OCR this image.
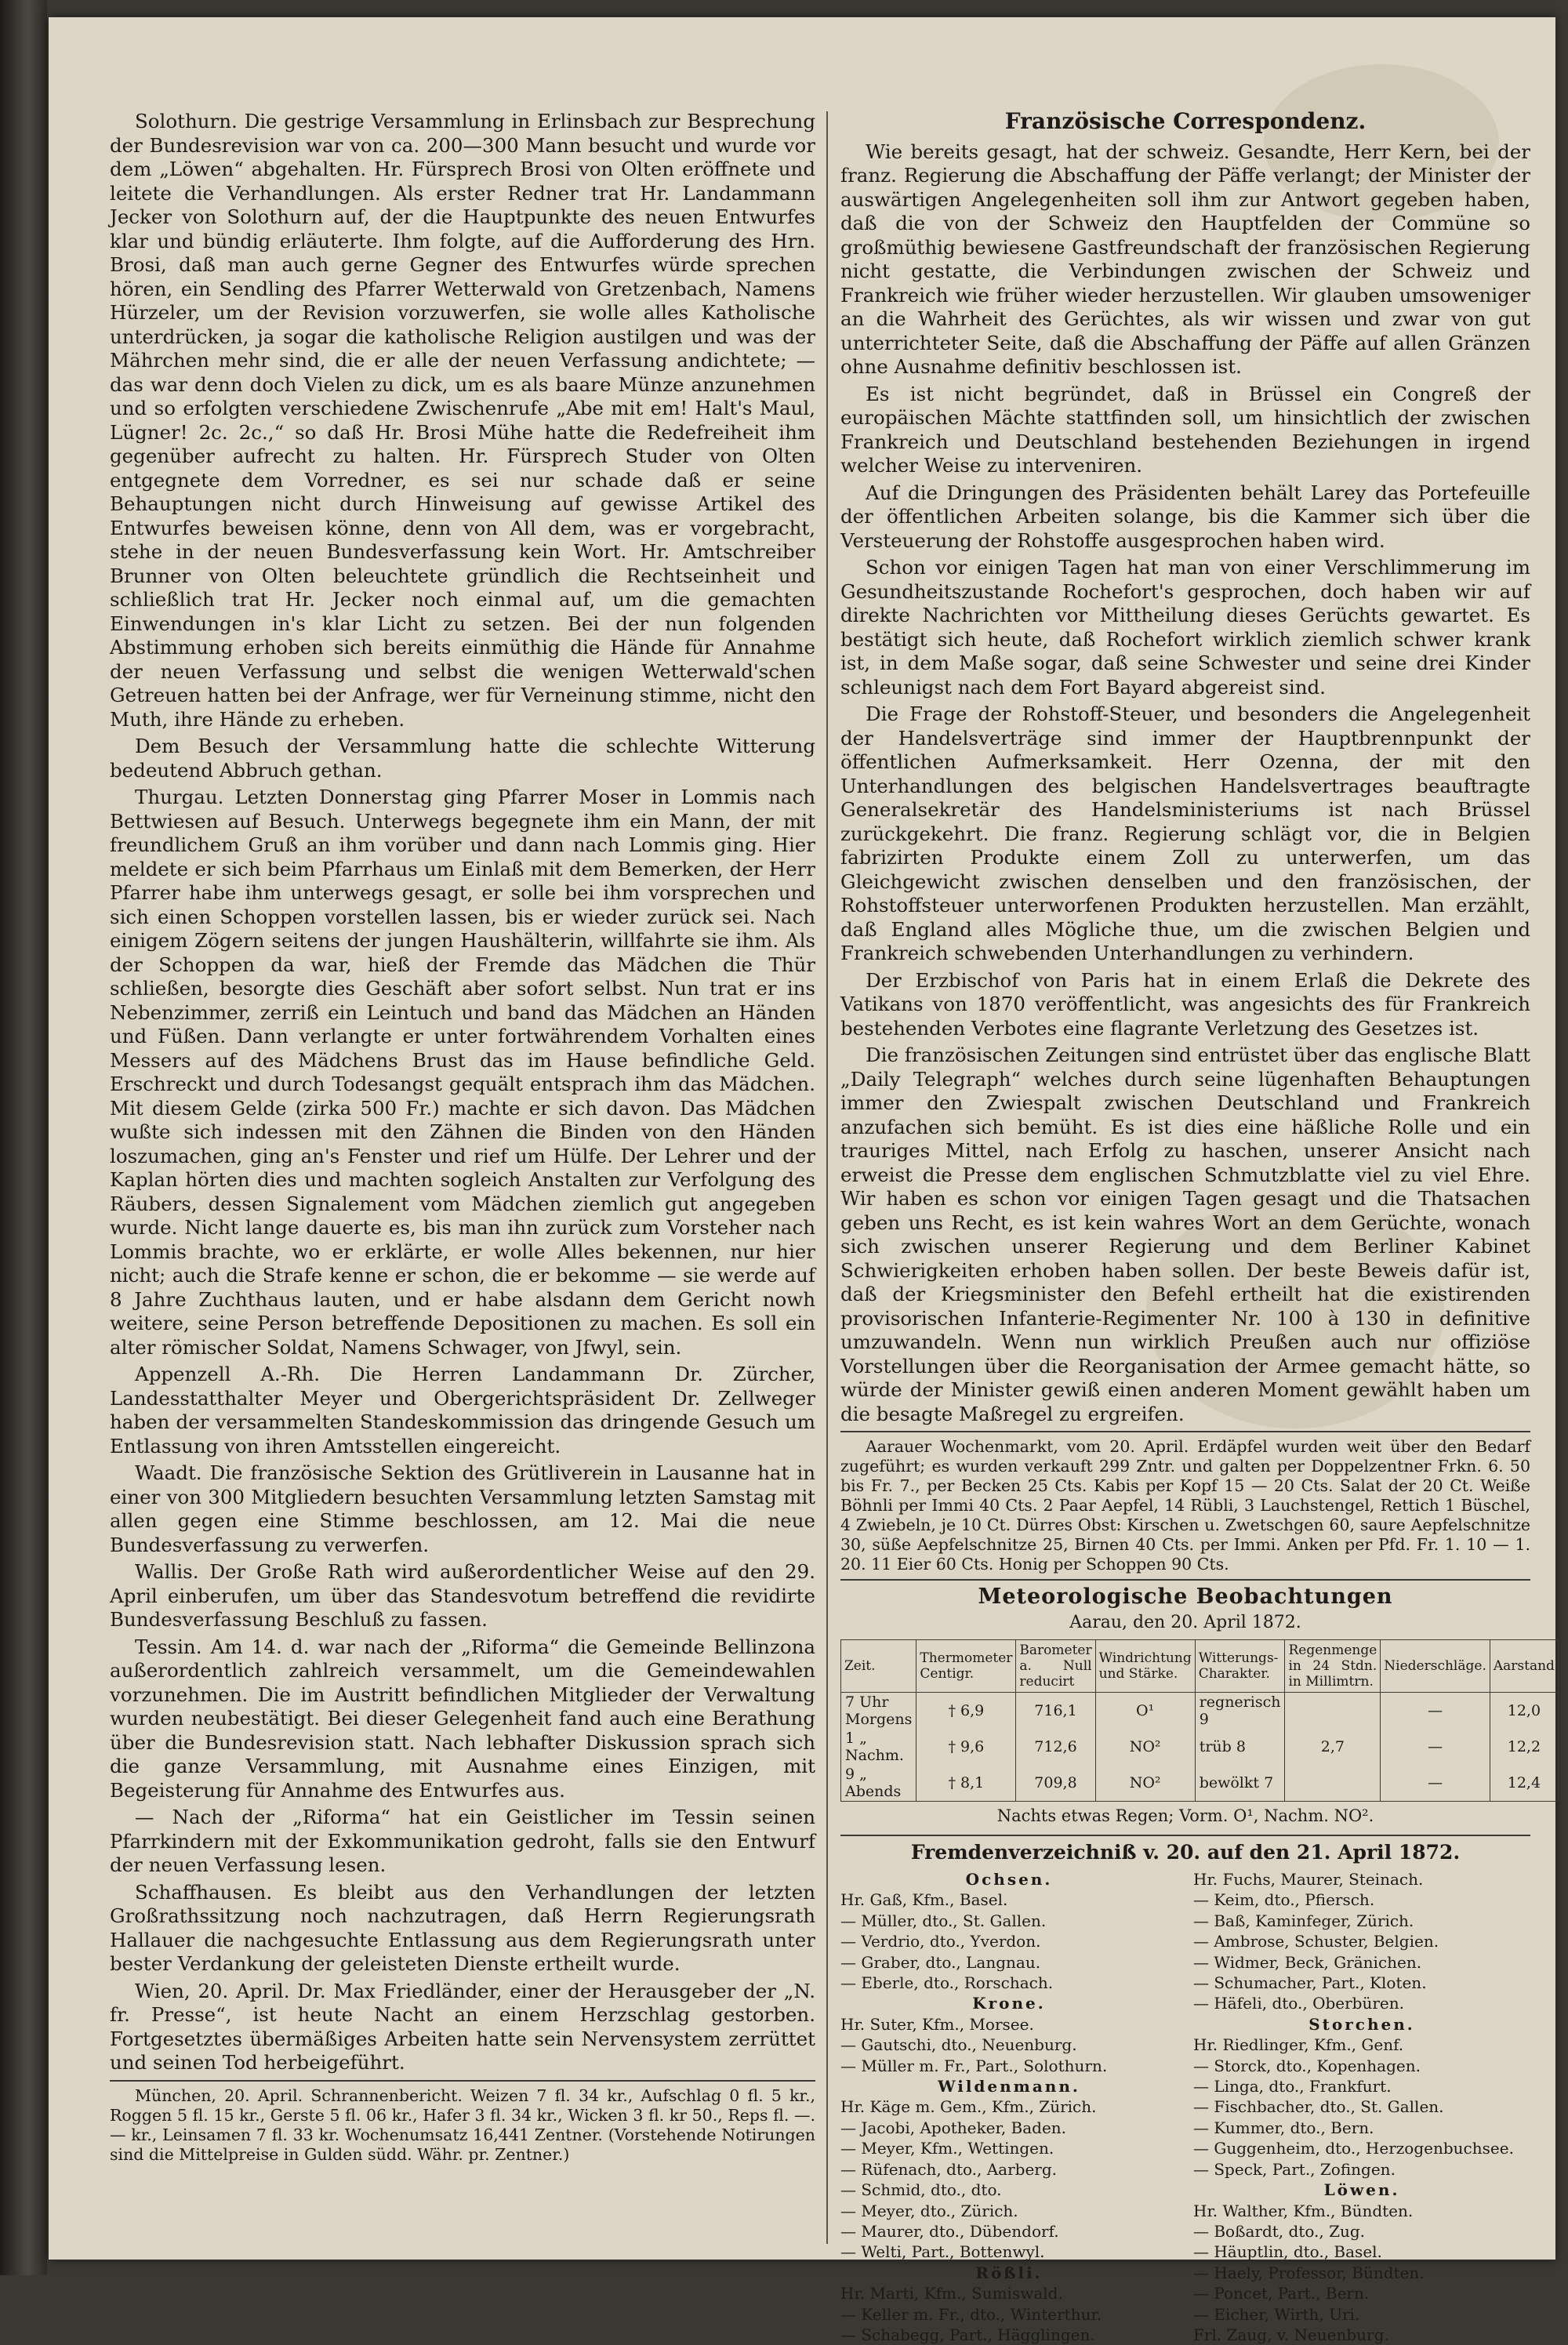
Solothurn. Die gestrige Versammlung in Erlinsbach zur Besprechung der Bundesrevision war von ca. 200—300 Mann besucht und wurde vor dem „Löwen“ abgehalten. Hr. Fürsprech Brosi von Olten eröffnete und leitete die Verhandlungen. Als erster Redner trat Hr. Landammann Jecker von Solothurn auf, der die Hauptpunkte des neuen Entwurfes klar und bündig erläuterte. Ihm folgte, auf die Aufforderung des Hrn. Brosi, daß man auch gerne Gegner des Entwurfes würde sprechen hören, ein Sendling des Pfarrer Wetterwald von Gretzenbach, Namens Hürzeler, um der Revision vorzuwerfen, sie wolle alles Katholische unterdrücken, ja sogar die katholische Religion austilgen und was der Mährchen mehr sind, die er alle der neuen Verfassung andichtete; — das war denn doch Vielen zu dick, um es als baare Münze anzunehmen und so erfolgten verschiedene Zwischenrufe „Abe mit em! Halt's Maul, Lügner! 2c. 2c.,“ so daß Hr. Brosi Mühe hatte die Redefreiheit ihm gegenüber aufrecht zu halten. Hr. Fürsprech Studer von Olten entgegnete dem Vorredner, es sei nur schade daß er seine Behauptungen nicht durch Hinweisung auf gewisse Artikel des Entwurfes beweisen könne, denn von All dem, was er vorgebracht, stehe in der neuen Bundesverfassung kein Wort. Hr. Amtschreiber Brunner von Olten beleuchtete gründlich die Rechtseinheit und schließlich trat Hr. Jecker noch einmal auf, um die gemachten Einwendungen in's klar Licht zu setzen. Bei der nun folgenden Abstimmung erhoben sich bereits einmüthig die Hände für Annahme der neuen Verfassung und selbst die wenigen Wetterwald'schen Getreuen hatten bei der Anfrage, wer für Verneinung stimme, nicht den Muth, ihre Hände zu erheben.

Dem Besuch der Versammlung hatte die schlechte Witterung bedeutend Abbruch gethan.

Thurgau. Letzten Donnerstag ging Pfarrer Moser in Lommis nach Bettwiesen auf Besuch. Unterwegs begegnete ihm ein Mann, der mit freundlichem Gruß an ihm vorüber und dann nach Lommis ging. Hier meldete er sich beim Pfarrhaus um Einlaß mit dem Bemerken, der Herr Pfarrer habe ihm unterwegs gesagt, er solle bei ihm vorsprechen und sich einen Schoppen vorstellen lassen, bis er wieder zurück sei. Nach einigem Zögern seitens der jungen Haushälterin, willfahrte sie ihm. Als der Schoppen da war, hieß der Fremde das Mädchen die Thür schließen, besorgte dies Geschäft aber sofort selbst. Nun trat er ins Nebenzimmer, zerriß ein Leintuch und band das Mädchen an Händen und Füßen. Dann verlangte er unter fortwährendem Vorhalten eines Messers auf des Mädchens Brust das im Hause befindliche Geld. Erschreckt und durch Todesangst gequält entsprach ihm das Mädchen. Mit diesem Gelde (zirka 500 Fr.) machte er sich davon. Das Mädchen wußte sich indessen mit den Zähnen die Binden von den Händen loszumachen, ging an's Fenster und rief um Hülfe. Der Lehrer und der Kaplan hörten dies und machten sogleich Anstalten zur Verfolgung des Räubers, dessen Signalement vom Mädchen ziemlich gut angegeben wurde. Nicht lange dauerte es, bis man ihn zurück zum Vorsteher nach Lommis brachte, wo er erklärte, er wolle Alles bekennen, nur hier nicht; auch die Strafe kenne er schon, die er bekomme — sie werde auf 8 Jahre Zuchthaus lauten, und er habe alsdann dem Gericht nowh weitere, seine Person betreffende Depositionen zu machen. Es soll ein alter römischer Soldat, Namens Schwager, von Jfwyl, sein.

Appenzell A.-Rh. Die Herren Landammann Dr. Zürcher, Landesstatthalter Meyer und Obergerichtspräsident Dr. Zellweger haben der versammelten Standeskommission das dringende Gesuch um Entlassung von ihren Amtsstellen eingereicht.

Waadt. Die französische Sektion des Grütliverein in Lausanne hat in einer von 300 Mitgliedern besuchten Versammlung letzten Samstag mit allen gegen eine Stimme beschlossen, am 12. Mai die neue Bundesverfassung zu verwerfen.

Wallis. Der Große Rath wird außerordentlicher Weise auf den 29. April einberufen, um über das Standesvotum betreffend die revidirte Bundesverfassung Beschluß zu fassen.

Tessin. Am 14. d. war nach der „Riforma“ die Gemeinde Bellinzona außerordentlich zahlreich versammelt, um die Gemeindewahlen vorzunehmen. Die im Austritt befindlichen Mitglieder der Verwaltung wurden neubestätigt. Bei dieser Gelegenheit fand auch eine Berathung über die Bundesrevision statt. Nach lebhafter Diskussion sprach sich die ganze Versammlung, mit Ausnahme eines Einzigen, mit Begeisterung für Annahme des Entwurfes aus.

— Nach der „Riforma“ hat ein Geistlicher im Tessin seinen Pfarrkindern mit der Exkommunikation gedroht, falls sie den Entwurf der neuen Verfassung lesen.

Schaffhausen. Es bleibt aus den Verhandlungen der letzten Großrathssitzung noch nachzutragen, daß Herrn Regierungsrath Hallauer die nachgesuchte Entlassung aus dem Regierungsrath unter bester Verdankung der geleisteten Dienste ertheilt wurde.

Wien, 20. April. Dr. Max Friedländer, einer der Herausgeber der „N. fr. Presse“, ist heute Nacht an einem Herzschlag gestorben. Fortgesetztes übermäßiges Arbeiten hatte sein Nervensystem zerrüttet und seinen Tod herbeigeführt.

München, 20. April. Schrannenbericht. Weizen 7 fl. 34 kr., Aufschlag 0 fl. 5 kr., Roggen 5 fl. 15 kr., Gerste 5 fl. 06 kr., Hafer 3 fl. 34 kr., Wicken 3 fl. kr 50., Reps fl. —. — kr., Leinsamen 7 fl. 33 kr. Wochenumsatz 16,441 Zentner. (Vorstehende Notirungen sind die Mittelpreise in Gulden südd. Währ. pr. Zentner.)

Französische Correspondenz.

Wie bereits gesagt, hat der schweiz. Gesandte, Herr Kern, bei der franz. Regierung die Abschaffung der Päffe verlangt; der Minister der auswärtigen Angelegenheiten soll ihm zur Antwort gegeben haben, daß die von der Schweiz den Hauptfelden der Commüne so großmüthig bewiesene Gastfreundschaft der französischen Regierung nicht gestatte, die Verbindungen zwischen der Schweiz und Frankreich wie früher wieder herzustellen. Wir glauben umsoweniger an die Wahrheit des Gerüchtes, als wir wissen und zwar von gut unterrichteter Seite, daß die Abschaffung der Päffe auf allen Gränzen ohne Ausnahme definitiv beschlossen ist.

Es ist nicht begründet, daß in Brüssel ein Congreß der europäischen Mächte stattfinden soll, um hinsichtlich der zwischen Frankreich und Deutschland bestehenden Beziehungen in irgend welcher Weise zu interveniren.

Auf die Dringungen des Präsidenten behält Larey das Portefeuille der öffentlichen Arbeiten solange, bis die Kammer sich über die Versteuerung der Rohstoffe ausgesprochen haben wird.

Schon vor einigen Tagen hat man von einer Verschlimmerung im Gesundheitszustande Rochefort's gesprochen, doch haben wir auf direkte Nachrichten vor Mittheilung dieses Gerüchts gewartet. Es bestätigt sich heute, daß Rochefort wirklich ziemlich schwer krank ist, in dem Maße sogar, daß seine Schwester und seine drei Kinder schleunigst nach dem Fort Bayard abgereist sind.

Die Frage der Rohstoff-Steuer, und besonders die Angelegenheit der Handelsverträge sind immer der Hauptbrennpunkt der öffentlichen Aufmerksamkeit. Herr Ozenna, der mit den Unterhandlungen des belgischen Handelsvertrages beauftragte Generalsekretär des Handelsministeriums ist nach Brüssel zurückgekehrt. Die franz. Regierung schlägt vor, die in Belgien fabrizirten Produkte einem Zoll zu unterwerfen, um das Gleichgewicht zwischen denselben und den französischen, der Rohstoffsteuer unterworfenen Produkten herzustellen. Man erzählt, daß England alles Mögliche thue, um die zwischen Belgien und Frankreich schwebenden Unterhandlungen zu verhindern.

Der Erzbischof von Paris hat in einem Erlaß die Dekrete des Vatikans von 1870 veröffentlicht, was angesichts des für Frankreich bestehenden Verbotes eine flagrante Verletzung des Gesetzes ist.

Die französischen Zeitungen sind entrüstet über das englische Blatt „Daily Telegraph“ welches durch seine lügenhaften Behauptungen immer den Zwiespalt zwischen Deutschland und Frankreich anzufachen sich bemüht. Es ist dies eine häßliche Rolle und ein trauriges Mittel, nach Erfolg zu haschen, unserer Ansicht nach erweist die Presse dem englischen Schmutzblatte viel zu viel Ehre. Wir haben es schon vor einigen Tagen gesagt und die Thatsachen geben uns Recht, es ist kein wahres Wort an dem Gerüchte, wonach sich zwischen unserer Regierung und dem Berliner Kabinet Schwierigkeiten erhoben haben sollen. Der beste Beweis dafür ist, daß der Kriegsminister den Befehl ertheilt hat die existirenden provisorischen Infanterie-Regimenter Nr. 100 à 130 in definitive umzuwandeln. Wenn nun wirklich Preußen auch nur offiziöse Vorstellungen über die Reorganisation der Armee gemacht hätte, so würde der Minister gewiß einen anderen Moment gewählt haben um die besagte Maßregel zu ergreifen.

Aarauer Wochenmarkt, vom 20. April. Erdäpfel wurden weit über den Bedarf zugeführt; es wurden verkauft 299 Zntr. und galten per Doppelzentner Frkn. 6. 50 bis Fr. 7., per Becken 25 Cts. Kabis per Kopf 15 — 20 Cts. Salat der 20 Ct. Weiße Böhnli per Immi 40 Cts. 2 Paar Aepfel, 14 Rübli, 3 Lauchstengel, Rettich 1 Büschel, 4 Zwiebeln, je 10 Ct. Dürres Obst: Kirschen u. Zwetschgen 60, saure Aepfelschnitze 30, süße Aepfelschnitze 25, Birnen 40 Cts. per Immi. Anken per Pfd. Fr. 1. 10 — 1. 20. 11 Eier 60 Cts. Honig per Schoppen 90 Cts.

Meteorologische Beobachtungen
Aarau, den 20. April 1872.
Zeit.	Thermometer Centigr.	Barometer a. Null reducirt	Windrichtung und Stärke.	Witterungs-Charakter.	Regenmenge in 24 Stdn. in Millimtrn.	Niederschläge.	Aarstand
7 Uhr Morgens	† 6,9	716,1	O¹	regnerisch 9		—	12,0
1 „ Nachm.	† 9,6	712,6	NO²	trüb 8	2,7	—	12,2
9 „ Abends	† 8,1	709,8	NO²	bewölkt 7		—	12,4
Nachts etwas Regen; Vorm. O¹, Nachm. NO².
Fremdenverzeichniß v. 20. auf den 21. April 1872.
Ochsen.
Hr. Gaß, Kfm., Basel.
— Müller, dto., St. Gallen.
— Verdrio, dto., Yverdon.
— Graber, dto., Langnau.
— Eberle, dto., Rorschach.
Krone.
Hr. Suter, Kfm., Morsee.
— Gautschi, dto., Neuenburg.
— Müller m. Fr., Part., Solothurn.
Wildenmann.
Hr. Käge m. Gem., Kfm., Zürich.
— Jacobi, Apotheker, Baden.
— Meyer, Kfm., Wettingen.
— Rüfenach, dto., Aarberg.
— Schmid, dto., dto.
— Meyer, dto., Zürich.
— Maurer, dto., Dübendorf.
— Welti, Part., Bottenwyl.
Rößli.
Hr. Marti, Kfm., Sumiswald.
— Keller m. Fr., dto., Winterthur.
— Schabegg, Part., Hägglingen.
Hr. Fuchs, Maurer, Steinach.
— Keim, dto., Pfiersch.
— Baß, Kaminfeger, Zürich.
— Ambrose, Schuster, Belgien.
— Widmer, Beck, Gränichen.
— Schumacher, Part., Kloten.
— Häfeli, dto., Oberbüren.
Storchen.
Hr. Riedlinger, Kfm., Genf.
— Storck, dto., Kopenhagen.
— Linga, dto., Frankfurt.
— Fischbacher, dto., St. Gallen.
— Kummer, dto., Bern.
— Guggenheim, dto., Herzogenbuchsee.
— Speck, Part., Zofingen.
Löwen.
Hr. Walther, Kfm., Bündten.
— Boßardt, dto., Zug.
— Häuptlin, dto., Basel.
— Haely, Professor, Bündten.
— Poncet, Part., Bern.
— Eicher, Wirth, Uri.
Frl. Zaug, v. Neuenburg.
